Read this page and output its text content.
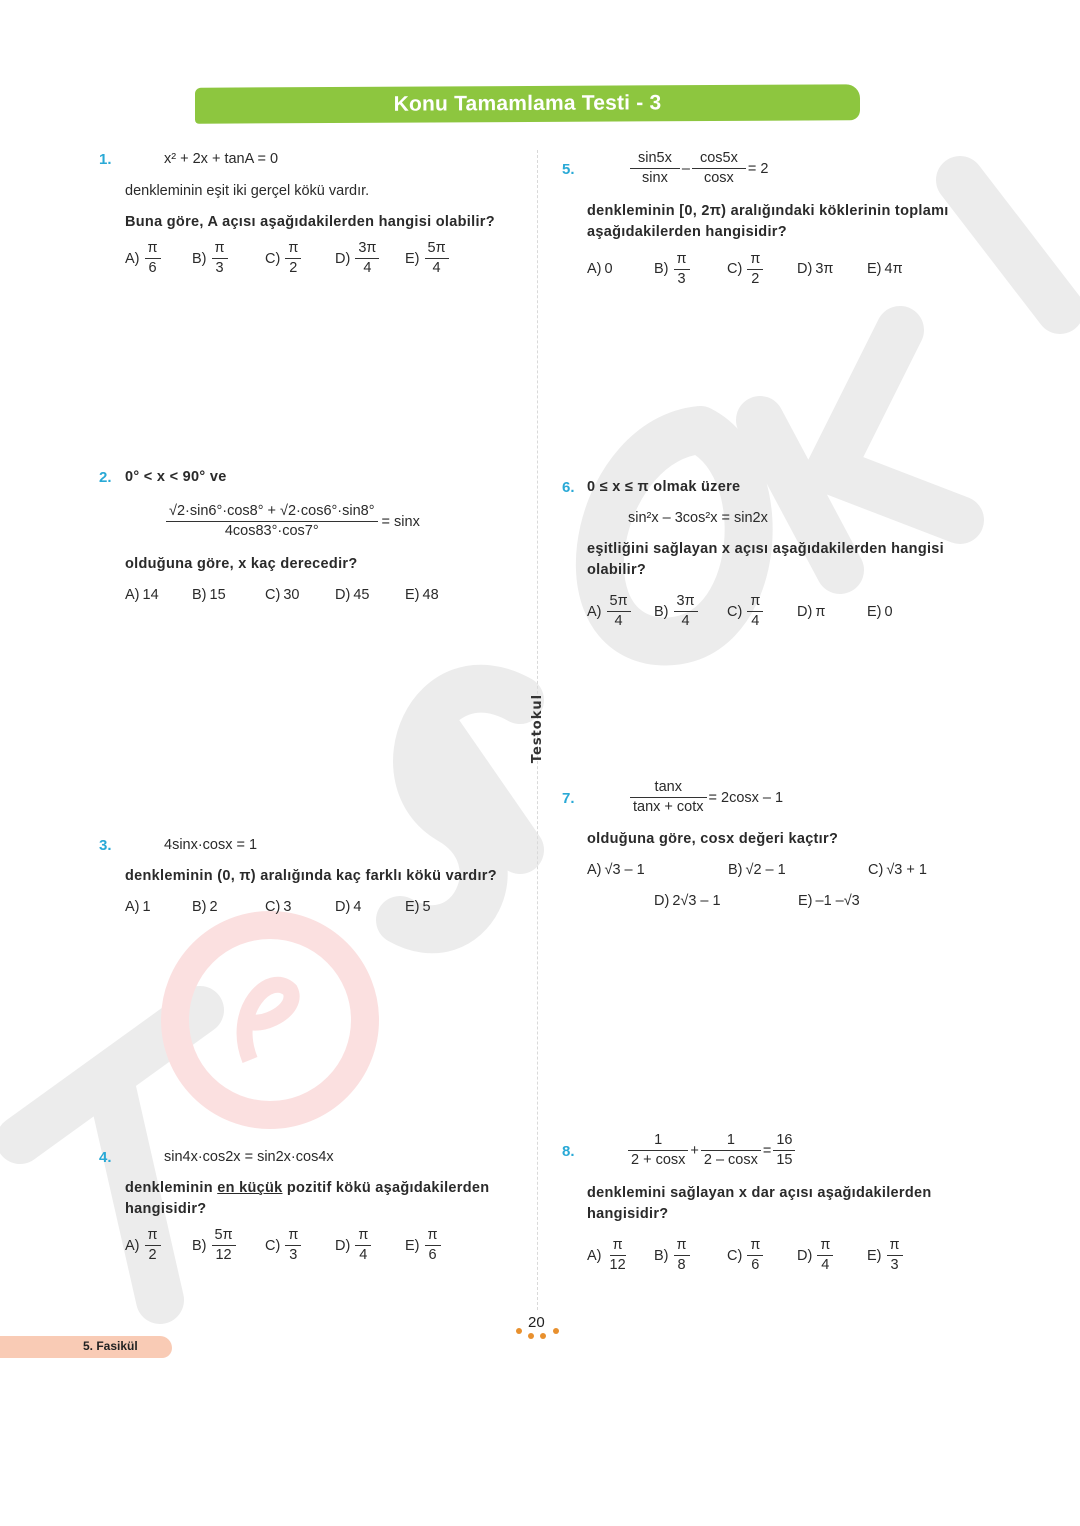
Konu Tamamlama Testi - 3
Testokul
1.	x² + 2x + tanA = 0
denkleminin eşit iki gerçel kökü vardır.
Buna göre, A açısı aşağıdakilerden hangisi olabilir?
$A) \frac{\pi}{6} B) \frac{\pi}{3}$	$C) \frac{\pi}{2} D) \frac{3\pi}{4} E) \frac{5\pi}{4}$
2. 0° < x < 90° ve
$\frac{√2\cdot\sin 6^\circ\cdot\cos 8^\circ + √2\cdot\cos 6^\circ\cdot\sin 8^\circ}{4\cos 83^\circ\cdot\cos 7^\circ} = \sin x$
olduğuna göre, x kaç derecedir?
A) 14 B) 15	C) 30 D) 45 E) 48
3.	4sinx·cosx = 1
denkleminin (0, π) aralığında kaç farklı kökü vardır?
A) 1	B) 2	C) 3	D) 4	E) 5
4.	sin4x·cos2x = sin2x·cos4x
denkleminin en küçük pozitif kökü aşağıdakilerden
hangisidir?
$A) \frac{\pi}{2} B) \frac{5\pi}{12} C) \frac{\pi}{3} D) \frac{\pi}{4} E) \frac{\pi}{6}$
5.	$\frac{\sin 5x}{\sin x} - \frac{\cos 5x}{\cos x} = 2$
denkleminin [0, 2π) aralığındaki köklerinin toplamı
aşağıdakilerden hangisidir?
A) 0	$B) \frac{\pi}{3}$	$C) \frac{\pi}{2} D$) 3π E) 4π
6. 0 ≤ x ≤ π olmak üzere
sin²x – 3cos²x = sin2x
eşitliğini sağlayan x açısı aşağıdakilerden hangisi
olabilir?
$A) \frac{5\pi}{4} B) \frac{3\pi}{4} C) \frac{\pi}{4} D$) π	E) 0
7.	$\frac{\tan x}{\tan x + \cot x} = 2\cos x - 1$
olduğuna göre, cosx değeri kaçtır?
A) √3 – 1	B) √2 – 1	C) √3 + 1
D) 2√3 – 1	E) –1 –√3
8.	$\frac{1}{2 + \cos x} + \frac{1}{2 - \cos x} = \frac{16}{15}$
denklemini sağlayan x dar açısı aşağıdakilerden
hangisidir?
$A) \frac{\pi}{12} B) \frac{\pi}{8}$	$C) \frac{\pi}{6} D) \frac{\pi}{4} E) \frac{\pi}{3}$
5. Fasikül
20
